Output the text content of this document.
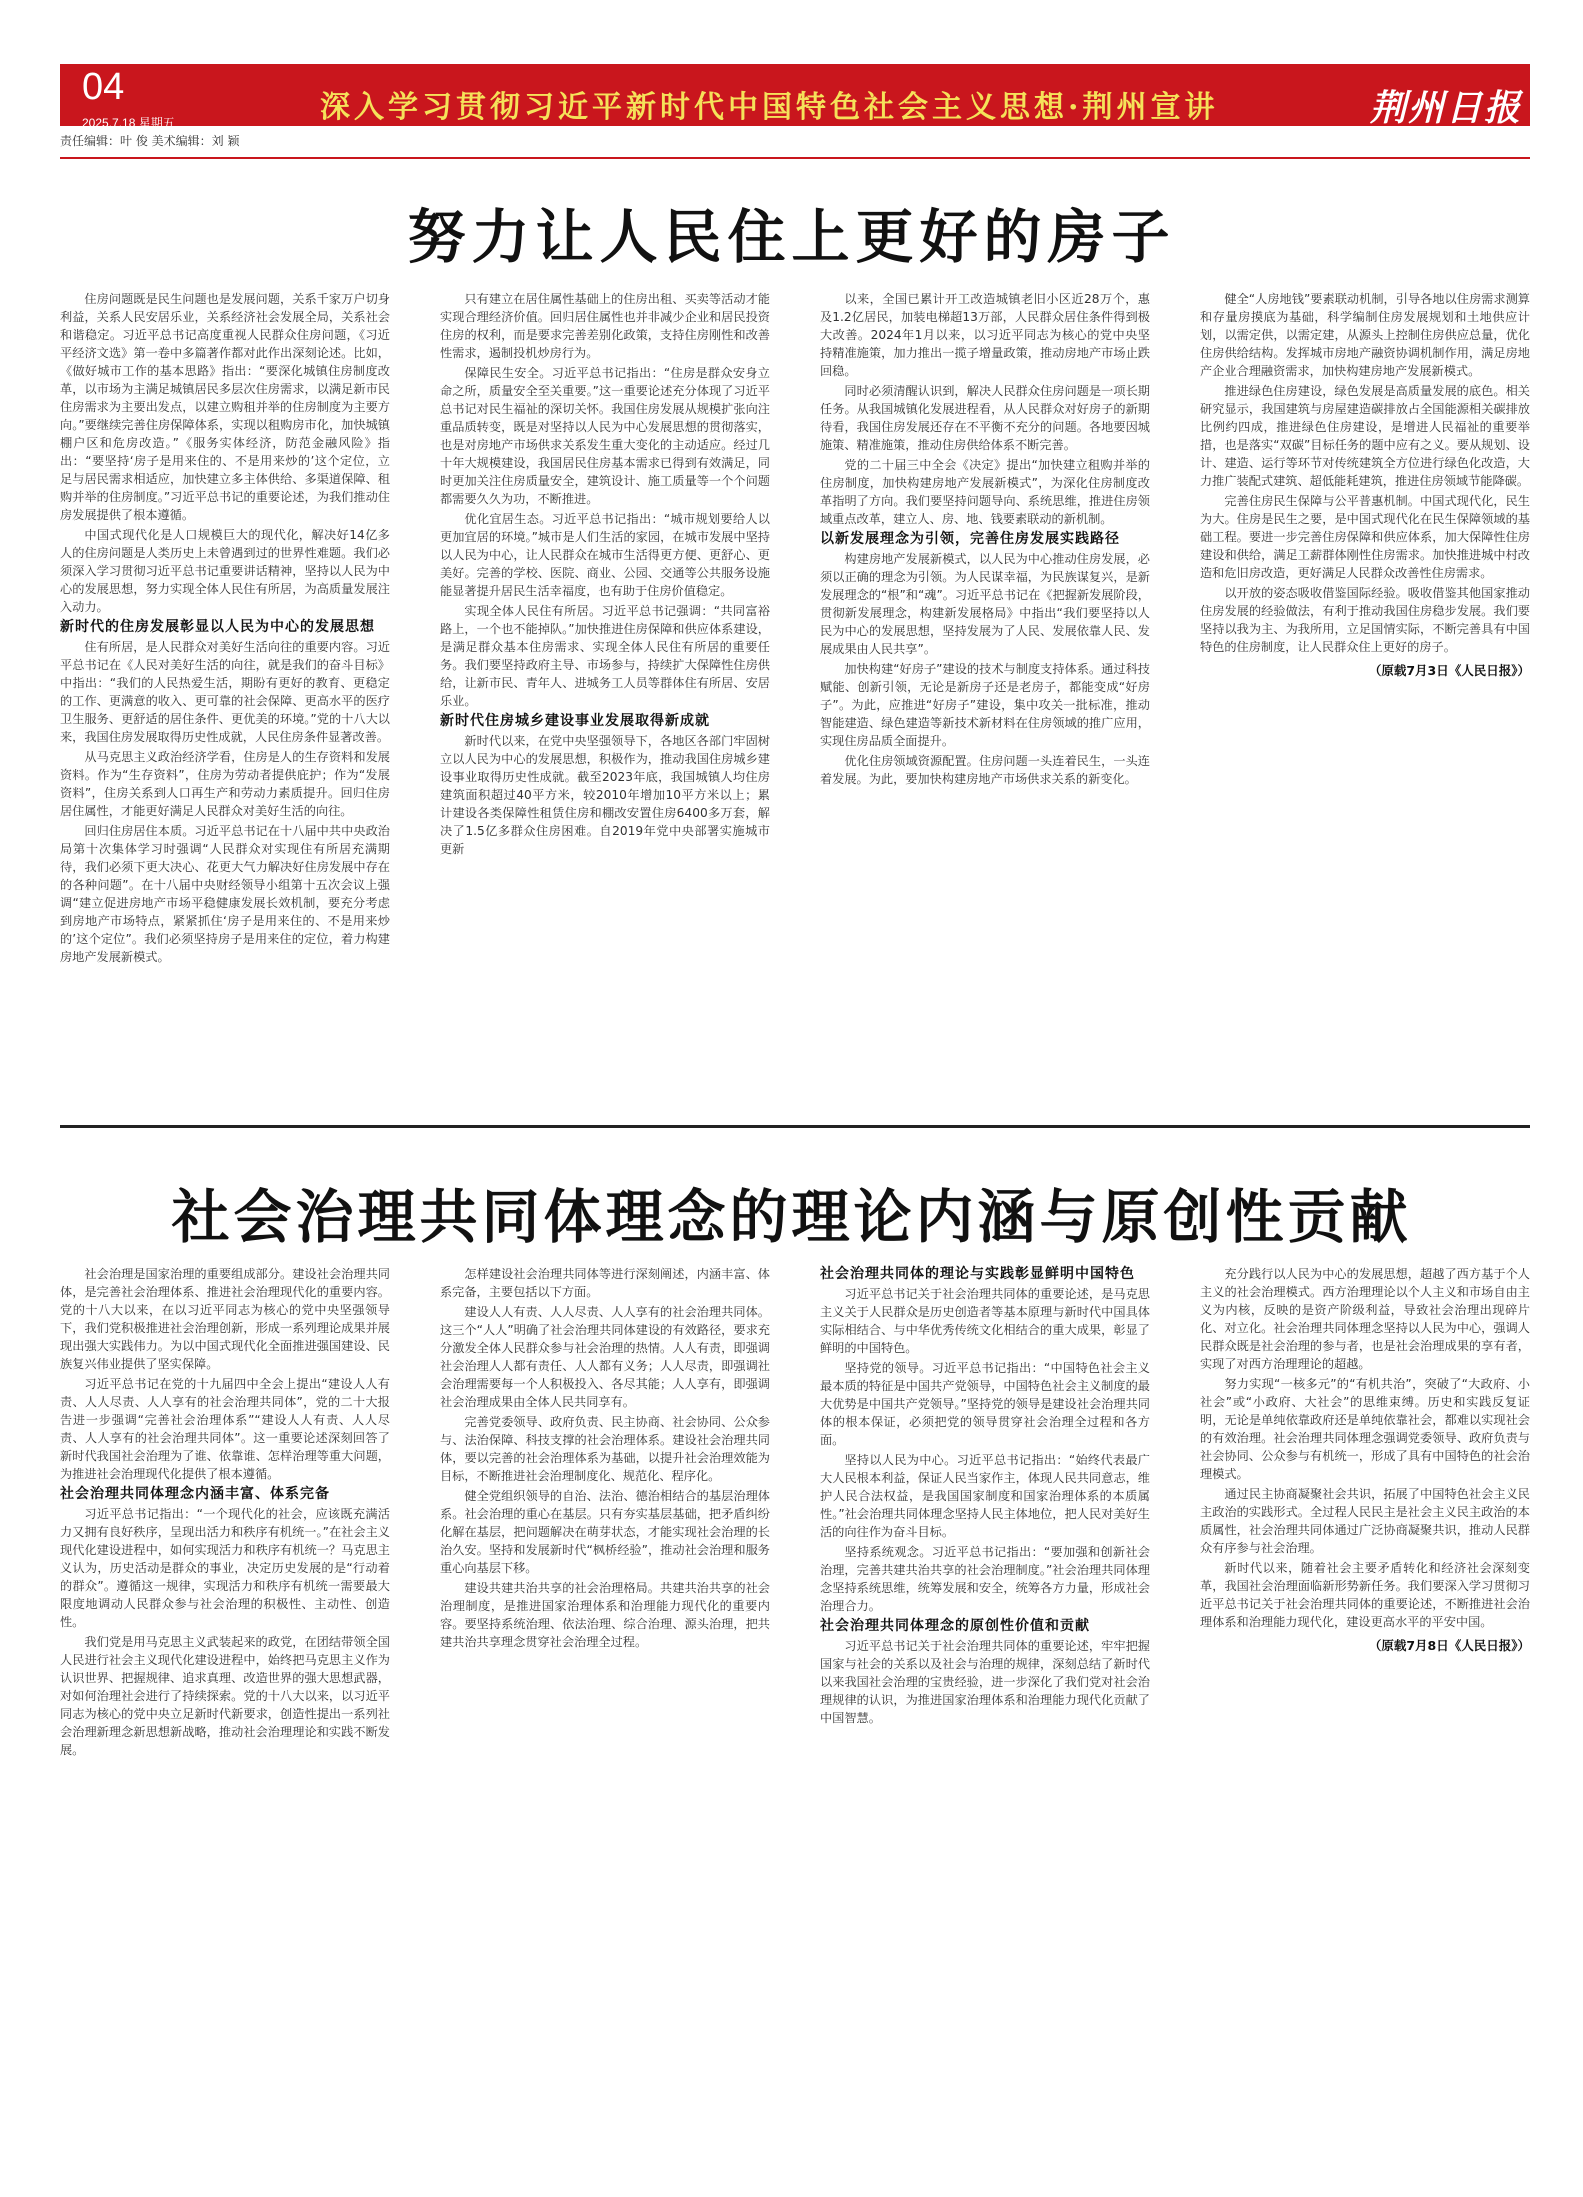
04
2025.7.18 星期五	深入学习贯彻习近平新时代中国特色社会主义思想·荆州宣讲	荆州日报
责任编辑：叶 俊 美术编辑：刘 颖
努力让人民住上更好的房子

住房问题既是民生问题也是发展问题，关系千家万户切身利益，关系人民安居乐业，关系经济社会发展全局，关系社会和谐稳定。习近平总书记高度重视人民群众住房问题，《习近平经济文选》第一卷中多篇著作都对此作出深刻论述。比如，《做好城市工作的基本思路》指出：“要深化城镇住房制度改革，以市场为主满足城镇居民多层次住房需求，以满足新市民住房需求为主要出发点，以建立购租并举的住房制度为主要方向。”要继续完善住房保障体系，实现以租购房市化，加快城镇棚户区和危房改造。”《服务实体经济，防范金融风险》指出：“要坚持‘房子是用来住的、不是用来炒的’这个定位，立足与居民需求相适应，加快建立多主体供给、多渠道保障、租购并举的住房制度。”习近平总书记的重要论述，为我们推动住房发展提供了根本遵循。

中国式现代化是人口规模巨大的现代化，解决好14亿多人的住房问题是人类历史上未曾遇到过的世界性难题。我们必须深入学习贯彻习近平总书记重要讲话精神，坚持以人民为中心的发展思想，努力实现全体人民住有所居，为高质量发展注入动力。

新时代的住房发展彰显以人民为中心的发展思想

住有所居，是人民群众对美好生活向往的重要内容。习近平总书记在《人民对美好生活的向往，就是我们的奋斗目标》中指出：“我们的人民热爱生活，期盼有更好的教育、更稳定的工作、更满意的收入、更可靠的社会保障、更高水平的医疗卫生服务、更舒适的居住条件、更优美的环境。”党的十八大以来，我国住房发展取得历史性成就，人民住房条件显著改善。

从马克思主义政治经济学看，住房是人的生存资料和发展资料。作为“生存资料”，住房为劳动者提供庇护；作为“发展资料”，住房关系到人口再生产和劳动力素质提升。回归住房居住属性，才能更好满足人民群众对美好生活的向往。

回归住房居住本质。习近平总书记在十八届中共中央政治局第十次集体学习时强调“人民群众对实现住有所居充满期待，我们必须下更大决心、花更大气力解决好住房发展中存在的各种问题”。在十八届中央财经领导小组第十五次会议上强调“建立促进房地产市场平稳健康发展长效机制，要充分考虑到房地产市场特点，紧紧抓住‘房子是用来住的、不是用来炒的’这个定位”。我们必须坚持房子是用来住的定位，着力构建房地产发展新模式。

只有建立在居住属性基础上的住房出租、买卖等活动才能实现合理经济价值。回归居住属性也并非减少企业和居民投资住房的权利，而是要求完善差别化政策，支持住房刚性和改善性需求，遏制投机炒房行为。

保障民生安全。习近平总书记指出：“住房是群众安身立命之所，质量安全至关重要。”这一重要论述充分体现了习近平总书记对民生福祉的深切关怀。我国住房发展从规模扩张向注重品质转变，既是对坚持以人民为中心发展思想的贯彻落实，也是对房地产市场供求关系发生重大变化的主动适应。经过几十年大规模建设，我国居民住房基本需求已得到有效满足，同时更加关注住房质量安全，建筑设计、施工质量等一个个问题都需要久久为功，不断推进。

优化宜居生态。习近平总书记指出：“城市规划要给人以更加宜居的环境。”城市是人们生活的家园，在城市发展中坚持以人民为中心，让人民群众在城市生活得更方便、更舒心、更美好。完善的学校、医院、商业、公园、交通等公共服务设施能显著提升居民生活幸福度，也有助于住房价值稳定。

实现全体人民住有所居。习近平总书记强调：“共同富裕路上，一个也不能掉队。”加快推进住房保障和供应体系建设，是满足群众基本住房需求、实现全体人民住有所居的重要任务。我们要坚持政府主导、市场参与，持续扩大保障性住房供给，让新市民、青年人、进城务工人员等群体住有所居、安居乐业。

新时代住房城乡建设事业发展取得新成就

新时代以来，在党中央坚强领导下，各地区各部门牢固树立以人民为中心的发展思想，积极作为，推动我国住房城乡建设事业取得历史性成就。截至2023年底，我国城镇人均住房建筑面积超过40平方米，较2010年增加10平方米以上；累计建设各类保障性租赁住房和棚改安置住房6400多万套，解决了1.5亿多群众住房困难。自2019年党中央部署实施城市更新

以来，全国已累计开工改造城镇老旧小区近28万个，惠及1.2亿居民，加装电梯超13万部，人民群众居住条件得到极大改善。2024年1月以来，以习近平同志为核心的党中央坚持精准施策，加力推出一揽子增量政策，推动房地产市场止跌回稳。

同时必须清醒认识到，解决人民群众住房问题是一项长期任务。从我国城镇化发展进程看，从人民群众对好房子的新期待看，我国住房发展还存在不平衡不充分的问题。各地要因城施策、精准施策，推动住房供给体系不断完善。

党的二十届三中全会《决定》提出“加快建立租购并举的住房制度，加快构建房地产发展新模式”，为深化住房制度改革指明了方向。我们要坚持问题导向、系统思维，推进住房领域重点改革，建立人、房、地、钱要素联动的新机制。

以新发展理念为引领，完善住房发展实践路径

构建房地产发展新模式，以人民为中心推动住房发展，必须以正确的理念为引领。为人民谋幸福，为民族谋复兴，是新发展理念的“根”和“魂”。习近平总书记在《把握新发展阶段，贯彻新发展理念，构建新发展格局》中指出“我们要坚持以人民为中心的发展思想，坚持发展为了人民、发展依靠人民、发展成果由人民共享”。

加快构建“好房子”建设的技术与制度支持体系。通过科技赋能、创新引领，无论是新房子还是老房子，都能变成“好房子”。为此，应推进“好房子”建设，集中攻关一批标准，推动智能建造、绿色建造等新技术新材料在住房领域的推广应用，实现住房品质全面提升。

优化住房领域资源配置。住房问题一头连着民生，一头连着发展。为此，要加快构建房地产市场供求关系的新变化。

健全“人房地钱”要素联动机制，引导各地以住房需求测算和存量房摸底为基础，科学编制住房发展规划和土地供应计划，以需定供，以需定建，从源头上控制住房供应总量，优化住房供给结构。发挥城市房地产融资协调机制作用，满足房地产企业合理融资需求，加快构建房地产发展新模式。

推进绿色住房建设，绿色发展是高质量发展的底色。相关研究显示，我国建筑与房屋建造碳排放占全国能源相关碳排放比例约四成，推进绿色住房建设，是增进人民福祉的重要举措，也是落实“双碳”目标任务的题中应有之义。要从规划、设计、建造、运行等环节对传统建筑全方位进行绿色化改造，大力推广装配式建筑、超低能耗建筑，推进住房领域节能降碳。

完善住房民生保障与公平普惠机制。中国式现代化，民生为大。住房是民生之要，是中国式现代化在民生保障领域的基础工程。要进一步完善住房保障和供应体系，加大保障性住房建设和供给，满足工薪群体刚性住房需求。加快推进城中村改造和危旧房改造，更好满足人民群众改善性住房需求。

以开放的姿态吸收借鉴国际经验。吸收借鉴其他国家推动住房发展的经验做法，有利于推动我国住房稳步发展。我们要坚持以我为主、为我所用，立足国情实际，不断完善具有中国特色的住房制度，让人民群众住上更好的房子。

（原载7月3日《人民日报》）
社会治理共同体理念的理论内涵与原创性贡献

社会治理是国家治理的重要组成部分。建设社会治理共同体，是完善社会治理体系、推进社会治理现代化的重要内容。党的十八大以来，在以习近平同志为核心的党中央坚强领导下，我们党积极推进社会治理创新，形成一系列理论成果并展现出强大实践伟力。为以中国式现代化全面推进强国建设、民族复兴伟业提供了坚实保障。

习近平总书记在党的十九届四中全会上提出“建设人人有责、人人尽责、人人享有的社会治理共同体”，党的二十大报告进一步强调“完善社会治理体系”“建设人人有责、人人尽责、人人享有的社会治理共同体”。这一重要论述深刻回答了新时代我国社会治理为了谁、依靠谁、怎样治理等重大问题，为推进社会治理现代化提供了根本遵循。

社会治理共同体理念内涵丰富、体系完备

习近平总书记指出：“一个现代化的社会，应该既充满活力又拥有良好秩序，呈现出活力和秩序有机统一。”在社会主义现代化建设进程中，如何实现活力和秩序有机统一？马克思主义认为，历史活动是群众的事业，决定历史发展的是“行动着的群众”。遵循这一规律，实现活力和秩序有机统一需要最大限度地调动人民群众参与社会治理的积极性、主动性、创造性。

我们党是用马克思主义武装起来的政党，在团结带领全国人民进行社会主义现代化建设进程中，始终把马克思主义作为认识世界、把握规律、追求真理、改造世界的强大思想武器，对如何治理社会进行了持续探索。党的十八大以来，以习近平同志为核心的党中央立足新时代新要求，创造性提出一系列社会治理新理念新思想新战略，推动社会治理理论和实践不断发展。

怎样建设社会治理共同体等进行深刻阐述，内涵丰富、体系完备，主要包括以下方面。

建设人人有责、人人尽责、人人享有的社会治理共同体。这三个“人人”明确了社会治理共同体建设的有效路径，要求充分激发全体人民群众参与社会治理的热情。人人有责，即强调社会治理人人都有责任、人人都有义务；人人尽责，即强调社会治理需要每一个人积极投入、各尽其能；人人享有，即强调社会治理成果由全体人民共同享有。

完善党委领导、政府负责、民主协商、社会协同、公众参与、法治保障、科技支撑的社会治理体系。建设社会治理共同体，要以完善的社会治理体系为基础，以提升社会治理效能为目标，不断推进社会治理制度化、规范化、程序化。

健全党组织领导的自治、法治、德治相结合的基层治理体系。社会治理的重心在基层。只有夯实基层基础，把矛盾纠纷化解在基层，把问题解决在萌芽状态，才能实现社会治理的长治久安。坚持和发展新时代“枫桥经验”，推动社会治理和服务重心向基层下移。

建设共建共治共享的社会治理格局。共建共治共享的社会治理制度，是推进国家治理体系和治理能力现代化的重要内容。要坚持系统治理、依法治理、综合治理、源头治理，把共建共治共享理念贯穿社会治理全过程。

社会治理共同体的理论与实践彰显鲜明中国特色

习近平总书记关于社会治理共同体的重要论述，是马克思主义关于人民群众是历史创造者等基本原理与新时代中国具体实际相结合、与中华优秀传统文化相结合的重大成果，彰显了鲜明的中国特色。

坚持党的领导。习近平总书记指出：“中国特色社会主义最本质的特征是中国共产党领导，中国特色社会主义制度的最大优势是中国共产党领导。”坚持党的领导是建设社会治理共同体的根本保证，必须把党的领导贯穿社会治理全过程和各方面。

坚持以人民为中心。习近平总书记指出：“始终代表最广大人民根本利益，保证人民当家作主，体现人民共同意志，维护人民合法权益，是我国国家制度和国家治理体系的本质属性。”社会治理共同体理念坚持人民主体地位，把人民对美好生活的向往作为奋斗目标。

坚持系统观念。习近平总书记指出：“要加强和创新社会治理，完善共建共治共享的社会治理制度。”社会治理共同体理念坚持系统思维，统筹发展和安全，统筹各方力量，形成社会治理合力。

社会治理共同体理念的原创性价值和贡献

习近平总书记关于社会治理共同体的重要论述，牢牢把握国家与社会的关系以及社会与治理的规律，深刻总结了新时代以来我国社会治理的宝贵经验，进一步深化了我们党对社会治理规律的认识，为推进国家治理体系和治理能力现代化贡献了中国智慧。

充分践行以人民为中心的发展思想，超越了西方基于个人主义的社会治理模式。西方治理理论以个人主义和市场自由主义为内核，反映的是资产阶级利益，导致社会治理出现碎片化、对立化。社会治理共同体理念坚持以人民为中心，强调人民群众既是社会治理的参与者，也是社会治理成果的享有者，实现了对西方治理理论的超越。

努力实现“一核多元”的“有机共治”，突破了“大政府、小社会”或“小政府、大社会”的思维束缚。历史和实践反复证明，无论是单纯依靠政府还是单纯依靠社会，都难以实现社会的有效治理。社会治理共同体理念强调党委领导、政府负责与社会协同、公众参与有机统一，形成了具有中国特色的社会治理模式。

通过民主协商凝聚社会共识，拓展了中国特色社会主义民主政治的实践形式。全过程人民民主是社会主义民主政治的本质属性，社会治理共同体通过广泛协商凝聚共识，推动人民群众有序参与社会治理。

新时代以来，随着社会主要矛盾转化和经济社会深刻变革，我国社会治理面临新形势新任务。我们要深入学习贯彻习近平总书记关于社会治理共同体的重要论述，不断推进社会治理体系和治理能力现代化，建设更高水平的平安中国。

（原载7月8日《人民日报》）
